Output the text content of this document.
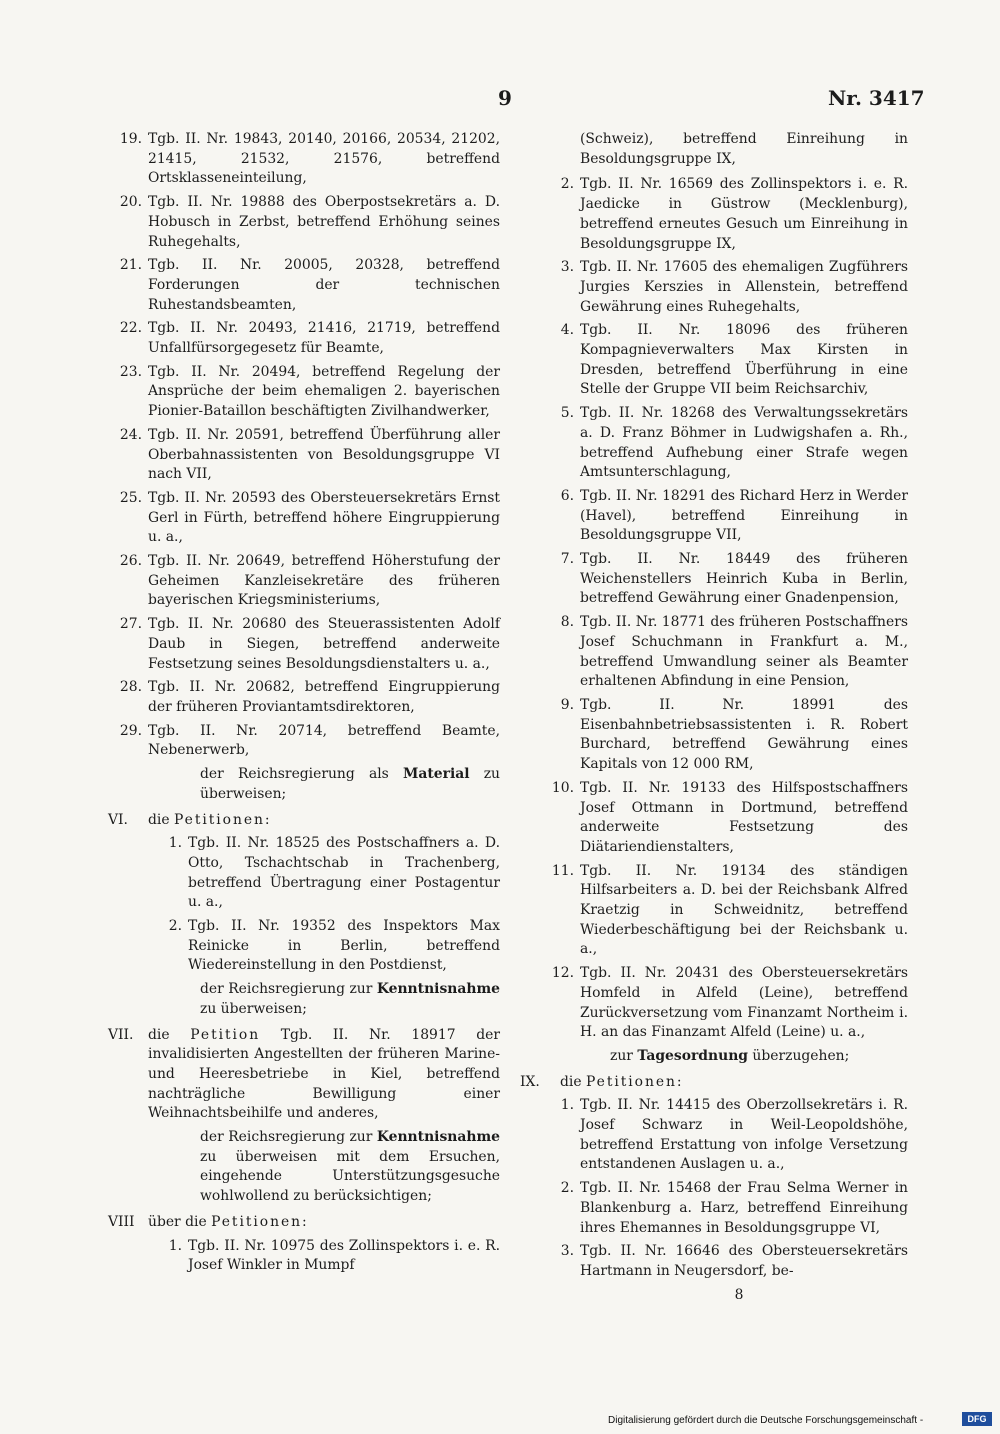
9	Nr. 3417
19. Tgb. II. Nr. 19843, 20140, 20166, 20534, 21202, 21415, 21532, 21576, betreffend Ortsklasseneinteilung,
20. Tgb. II. Nr. 19888 des Oberpostsekretärs a. D. Hobusch in Zerbst, betreffend Erhöhung seines Ruhegehalts,
21. Tgb. II. Nr. 20005, 20328, betreffend Forderungen der technischen Ruhestandsbeamten,
22. Tgb. II. Nr. 20493, 21416, 21719, betreffend Unfallfürsorgegesetz für Beamte,
23. Tgb. II. Nr. 20494, betreffend Regelung der Ansprüche der beim ehemaligen 2. bayerischen Pionier-Bataillon beschäftigten Zivilhandwerker,
24. Tgb. II. Nr. 20591, betreffend Überführung aller Oberbahnassistenten von Besoldungsgruppe VI nach VII,
25. Tgb. II. Nr. 20593 des Obersteuersekretärs Ernst Gerl in Fürth, betreffend höhere Eingruppierung u. a.,
26. Tgb. II. Nr. 20649, betreffend Höherstufung der Geheimen Kanzleisekretäre des früheren bayerischen Kriegsministeriums,
27. Tgb. II. Nr. 20680 des Steuerassistenten Adolf Daub in Siegen, betreffend anderweite Festsetzung seines Besoldungsdienstalters u. a.,
28. Tgb. II. Nr. 20682, betreffend Eingruppierung der früheren Proviantamtsdirektoren,
29. Tgb. II. Nr. 20714, betreffend Beamte, Nebenerwerb,
der Reichsregierung als Material zu überweisen;
VI. die Petitionen:
1. Tgb. II. Nr. 18525 des Postschaffners a. D. Otto, Tschachtschab in Trachenberg, betreffend Übertragung einer Postagentur u. a.,
2. Tgb. II. Nr. 19352 des Inspektors Max Reinicke in Berlin, betreffend Wiedereinstellung in den Postdienst,
der Reichsregierung zur Kenntnisnahme zu überweisen;
VII. die Petition Tgb. II. Nr. 18917 der invalidisierten Angestellten der früheren Marine- und Heeresbetriebe in Kiel, betreffend nachträgliche Bewilligung einer Weihnachtsbeihilfe und anderes,
der Reichsregierung zur Kenntnisnahme zu überweisen mit dem Ersuchen, eingehende Unterstützungsgesuche wohlwollend zu berücksichtigen;
VIII über die Petitionen:
1. Tgb. II. Nr. 10975 des Zollinspektors i. e. R. Josef Winkler in Mumpf
(Schweiz), betreffend Einreihung in Besoldungsgruppe IX,
2. Tgb. II. Nr. 16569 des Zollinspektors i. e. R. Jaedicke in Güstrow (Mecklenburg), betreffend erneutes Gesuch um Einreihung in Besoldungsgruppe IX,
3. Tgb. II. Nr. 17605 des ehemaligen Zugführers Jurgies Kerszies in Allenstein, betreffend Gewährung eines Ruhegehalts,
4. Tgb. II. Nr. 18096 des früheren Kompagnieverwalters Max Kirsten in Dresden, betreffend Überführung in eine Stelle der Gruppe VII beim Reichsarchiv,
5. Tgb. II. Nr. 18268 des Verwaltungssekretärs a. D. Franz Böhmer in Ludwigshafen a. Rh., betreffend Aufhebung einer Strafe wegen Amtsunterschlagung,
6. Tgb. II. Nr. 18291 des Richard Herz in Werder (Havel), betreffend Einreihung in Besoldungsgruppe VII,
7. Tgb. II. Nr. 18449 des früheren Weichenstellers Heinrich Kuba in Berlin, betreffend Gewährung einer Gnadenpension,
8. Tgb. II. Nr. 18771 des früheren Postschaffners Josef Schuchmann in Frankfurt a. M., betreffend Umwandlung seiner als Beamter erhaltenen Abfindung in eine Pension,
9. Tgb. II. Nr. 18991 des Eisenbahnbetriebsassistenten i. R. Robert Burchard, betreffend Gewährung eines Kapitals von 12 000 RM,
10. Tgb. II. Nr. 19133 des Hilfspostschaffners Josef Ottmann in Dortmund, betreffend anderweite Festsetzung des Diätariendienstalters,
11. Tgb. II. Nr. 19134 des ständigen Hilfsarbeiters a. D. bei der Reichsbank Alfred Kraetzig in Schweidnitz, betreffend Wiederbeschäftigung bei der Reichsbank u. a.,
12. Tgb. II. Nr. 20431 des Obersteuersekretärs Homfeld in Alfeld (Leine), betreffend Zurückversetzung vom Finanzamt Northeim i. H. an das Finanzamt Alfeld (Leine) u. a.,
zur Tagesordnung überzugehen;
IX. die Petitionen:
1. Tgb. II. Nr. 14415 des Oberzollsekretärs i. R. Josef Schwarz in Weil-Leopoldshöhe, betreffend Erstattung von infolge Versetzung entstandenen Auslagen u. a.,
2. Tgb. II. Nr. 15468 der Frau Selma Werner in Blankenburg a. Harz, betreffend Einreihung ihres Ehemannes in Besoldungsgruppe VI,
3. Tgb. II. Nr. 16646 des Obersteuersekretärs Hartmann in Neugersdorf, be-
8
Digitalisierung gefördert durch die Deutsche Forschungsgemeinschaft -	DFG
